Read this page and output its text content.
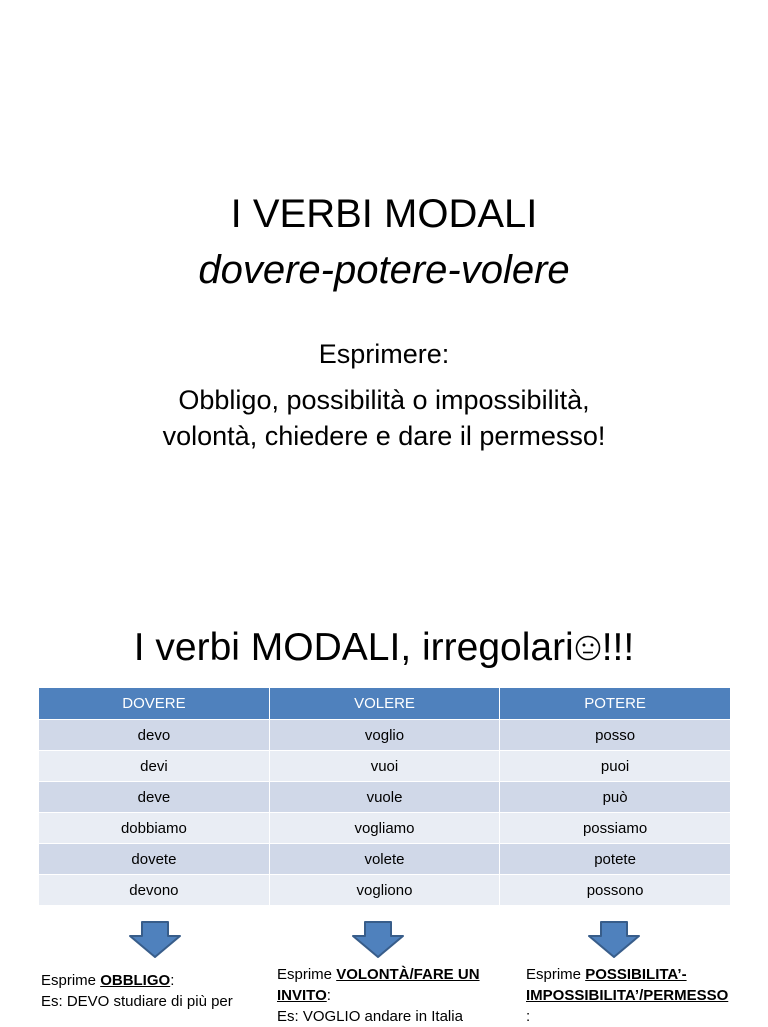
I VERBI MODALI
dovere-potere-volere
Esprimere:
Obbligo, possibilità o impossibilità,
volontà, chiedere e dare il permesso!
I verbi MODALI, irregolari !!!
DOVERE	VOLERE	POTERE
devo	voglio	posso
devi	vuoi	puoi
deve	vuole	può
dobbiamo	vogliamo	possiamo
dovete	volete	potete
devono	vogliono	possono
Esprime OBBLIGO:
Es: DEVO studiare di più per
Esprime VOLONTÀ/FARE UN INVITO:
Es: VOGLIO andare in Italia
Esprime POSSIBILITA’-IMPOSSIBILITA’/PERMESSO
:
